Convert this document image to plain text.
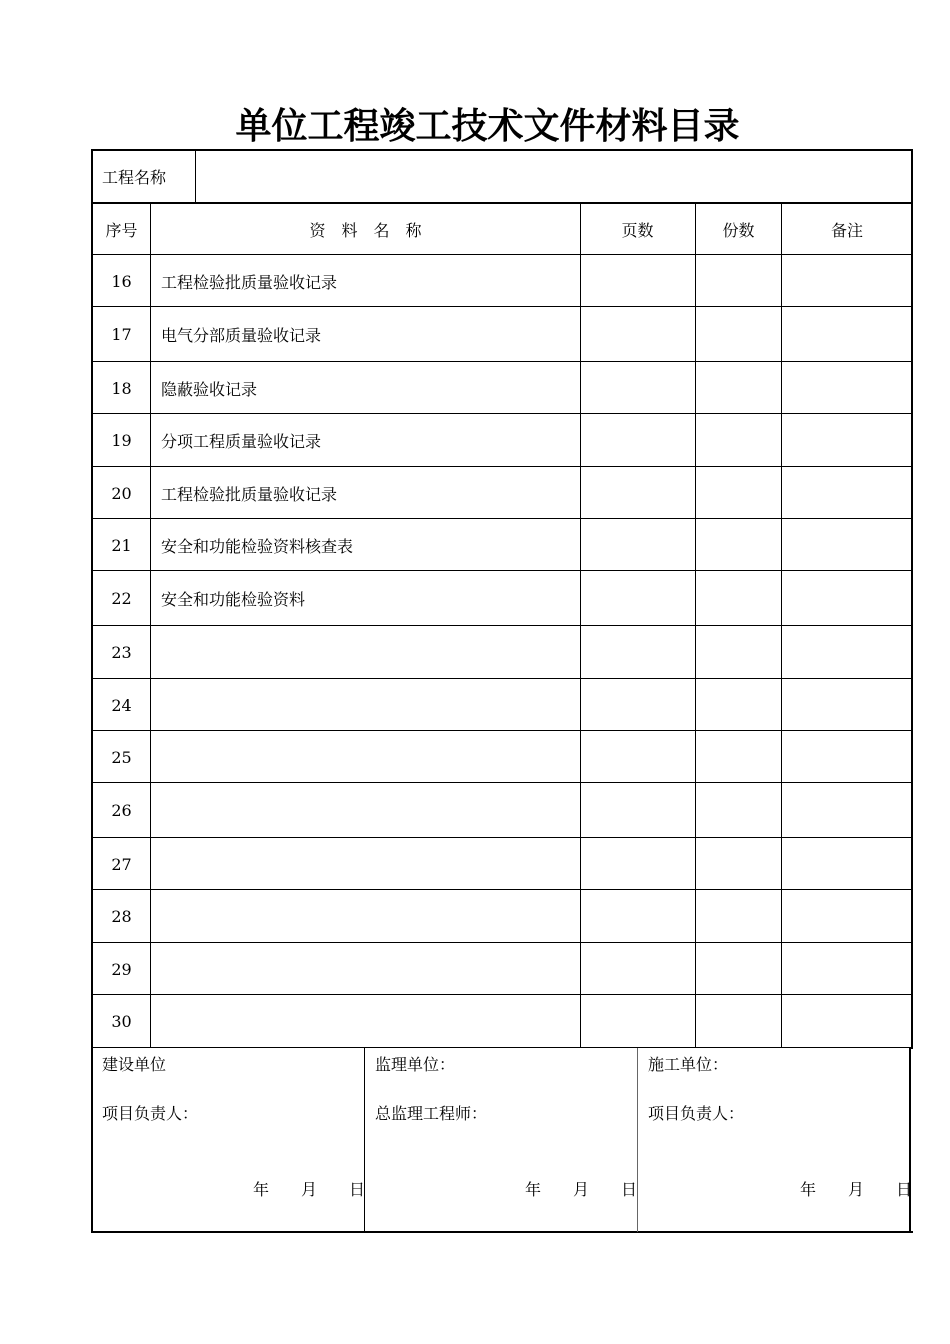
单位工程竣工技术文件材料目录
工程名称
序号	资　料　名　称	页数	份数	备注
16	工程检验批质量验收记录
17	电气分部质量验收记录
18	隐蔽验收记录
19	分项工程质量验收记录
20	工程检验批质量验收记录
21	安全和功能检验资料核查表
22	安全和功能检验资料
23
24
25
26
27
28
29
30
建设单位
项目负责人：
年　　月　　日
监理单位：
总监理工程师：
年　　月　　日
施工单位：
项目负责人：
年　　月　　日
